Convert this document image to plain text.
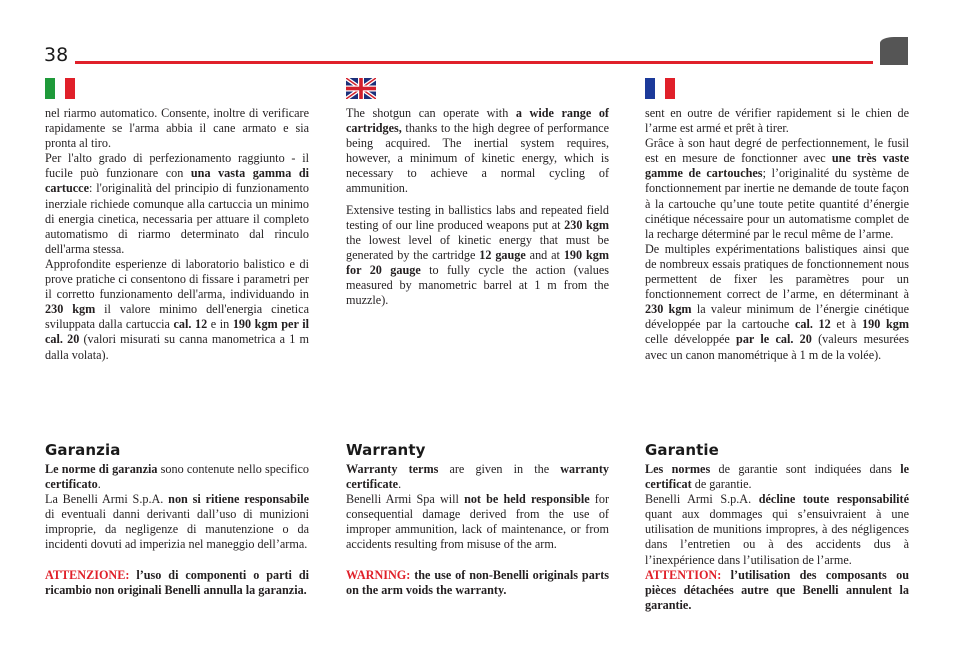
38

nel riarmo automatico. Consente, inoltre di verificare rapidamente se l'arma abbia il cane armato e sia pronta al tiro.

Per l'alto grado di perfezionamento raggiunto - il fucile può funzionare con una vasta gamma di cartucce: l'originalità del principio di funzionamento inerziale richiede comunque alla cartuccia un minimo di energia cinetica, necessaria per attuare il completo automatismo di riarmo determinato dal rinculo dell'arma stessa.

Approfondite esperienze di laboratorio balistico e di prove pratiche ci consentono di fissare i parametri per il corretto funzionamento dell'arma, individuando in 230 kgm il valore minimo dell'energia cinetica sviluppata dalla cartuccia cal. 12 e in 190 kgm per il cal. 20 (valori misurati su canna manometrica a 1 m dalla volata).

Garanzia

Le norme di garanzia sono contenute nello specifico certificato.

La Benelli Armi S.p.A. non si ritiene responsabile di eventuali danni derivanti dall’uso di munizioni improprie, da negligenze di manutenzione o da incidenti dovuti ad imperizia nel maneggio dell’arma.

ATTENZIONE: l’uso di componenti o parti di ricambio non originali Benelli annulla la garanzia.

The shotgun can operate with a wide range of cartridges, thanks to the high degree of performance being acquired. The inertial system requires, however, a minimum of kinetic energy, which is necessary to achieve a normal cycling of ammunition.

Extensive testing in ballistics labs and repeated field testing of our line produced weapons put at 230 kgm the lowest level of kinetic energy that must be generated by the cartridge 12 gauge and at 190 kgm for 20 gauge to fully cycle the action (values measured by manometric barrel at 1 m from the muzzle).

Warranty

Warranty terms are given in the warranty certificate.

Benelli Armi Spa will not be held responsible for consequential damage derived from the use of improper ammunition, lack of maintenance, or from accidents resulting from misuse of the arm.

WARNING: the use of non-Benelli originals parts on the arm voids the warranty.

sent en outre de vérifier rapidement si le chien de l’arme est armé et prêt à tirer.

Grâce à son haut degré de perfectionnement, le fusil est en mesure de fonctionner avec une très vaste gamme de cartouches; l’originalité du système de fonctionnement par inertie ne demande de toute façon à la cartouche qu’une toute petite quantité d’énergie cinétique nécessaire pour un automatisme complet de la recharge déterminé par le recul même de l’arme.

De multiples expérimentations balistiques ainsi que de nombreux essais pratiques de fonctionnement nous permettent de fixer les paramètres pour un fonctionnement correct de l’arme, en déterminant à 230 kgm la valeur minimum de l’énergie cinétique développée par la cartouche cal. 12 et à 190 kgm celle développée par le cal. 20 (valeurs mesurées avec un canon manométrique à 1 m de la volée).

Garantie

Les normes de garantie sont indiquées dans le certificat de garantie.

Benelli Armi S.p.A. décline toute responsabilité quant aux dommages qui s’ensuivraient à une utilisation de munitions impropres, à des négligences dans l’entretien ou à des accidents dus à l’inexpérience dans l’utilisation de l’arme.

ATTENTION: l’utilisation des composants ou pièces détachées autre que Benelli annulent la garantie.
